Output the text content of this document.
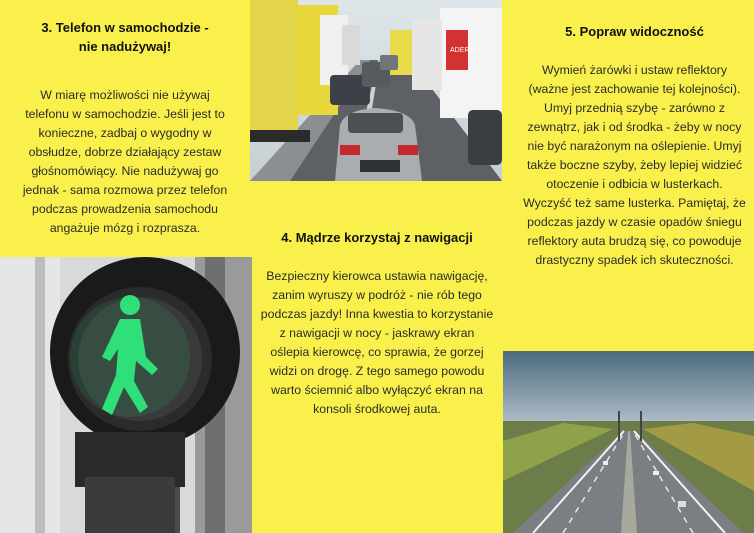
3. Telefon w samochodzie -
nie nadużywaj!
W miarę możliwości nie używaj telefonu w samochodzie. Jeśli jest to konieczne, zadbaj o wygodny w obsłudze, dobrze działający zestaw głośnomówiący. Nie nadużywaj go jednak - sama rozmowa przez telefon podczas prowadzenia samochodu angażuje mózg i rozprasza.
ADEREN
5. Popraw widoczność
Wymień żarówki i ustaw reflektory (ważne jest zachowanie tej kolejności). Umyj przednią szybę - zarówno z zewnątrz, jak i od środka - żeby w nocy nie być narażonym na oślepienie. Umyj także boczne szyby, żeby lepiej widzieć otoczenie i odbicia w lusterkach. Wyczyść też same lusterka. Pamiętaj, że podczas jazdy w czasie opadów śniegu reflektory auta brudzą się, co powoduje drastyczny spadek ich skuteczności.
4. Mądrze korzystaj z nawigacji
Bezpieczny kierowca ustawia nawigację, zanim wyruszy w podróż - nie rób tego podczas jazdy! Inna kwestia to korzystanie z nawigacji w nocy - jaskrawy ekran oślepia kierowcę, co sprawia, że gorzej widzi on drogę. Z tego samego powodu warto ściemnić albo wyłączyć ekran na konsoli środkowej auta.
